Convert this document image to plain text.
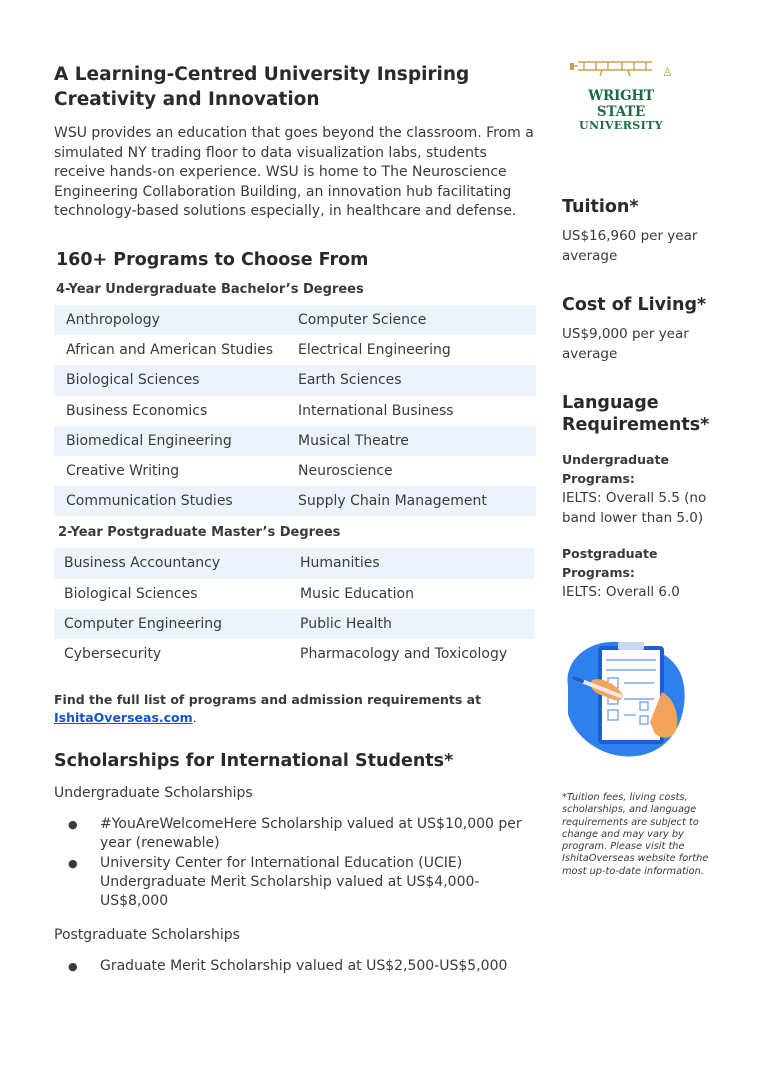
A Learning-Centred University Inspiring Creativity and Innovation

WSU provides an education that goes beyond the classroom. From a simulated NY trading floor to data visualization labs, students receive hands-on experience. WSU is home to The Neuroscience Engineering Collaboration Building, an innovation hub facilitating technology-based solutions especially, in healthcare and defense.

160+ Programs to Choose From
4-Year Undergraduate Bachelor’s Degrees
Anthropology	Computer Science
African and American Studies	Electrical Engineering
Biological Sciences	Earth Sciences
Business Economics	International Business
Biomedical Engineering	Musical Theatre
Creative Writing	Neuroscience
Communication Studies	Supply Chain Management
2-Year Postgraduate Master’s Degrees
Business Accountancy	Humanities
Biological Sciences	Music Education
Computer Engineering	Public Health
Cybersecurity	Pharmacology and Toxicology
Find the full list of programs and admission requirements at IshitaOverseas.com.
Scholarships for International Students*
Undergraduate Scholarships
● #YouAreWelcomeHere Scholarship valued at US$10,000 per year (renewable)
● University Center for International Education (UCIE) Undergraduate Merit Scholarship valued at US$4,000-US$8,000
Postgraduate Scholarships
● Graduate Merit Scholarship valued at US$2,500-US$5,000
♙
WRIGHT STATE
UNIVERSITY
Tuition*
US$16,960 per year average
Cost of Living*
US$9,000 per year average
Language Requirements*
Undergraduate Programs:
IELTS: Overall 5.5 (no band lower than 5.0)
Postgraduate Programs:
IELTS: Overall 6.0
*Tuition fees, living costs, scholarships, and language requirements are subject to change and may vary by program. Please visit the IshitaOverseas website forthe most up-to-date information.
